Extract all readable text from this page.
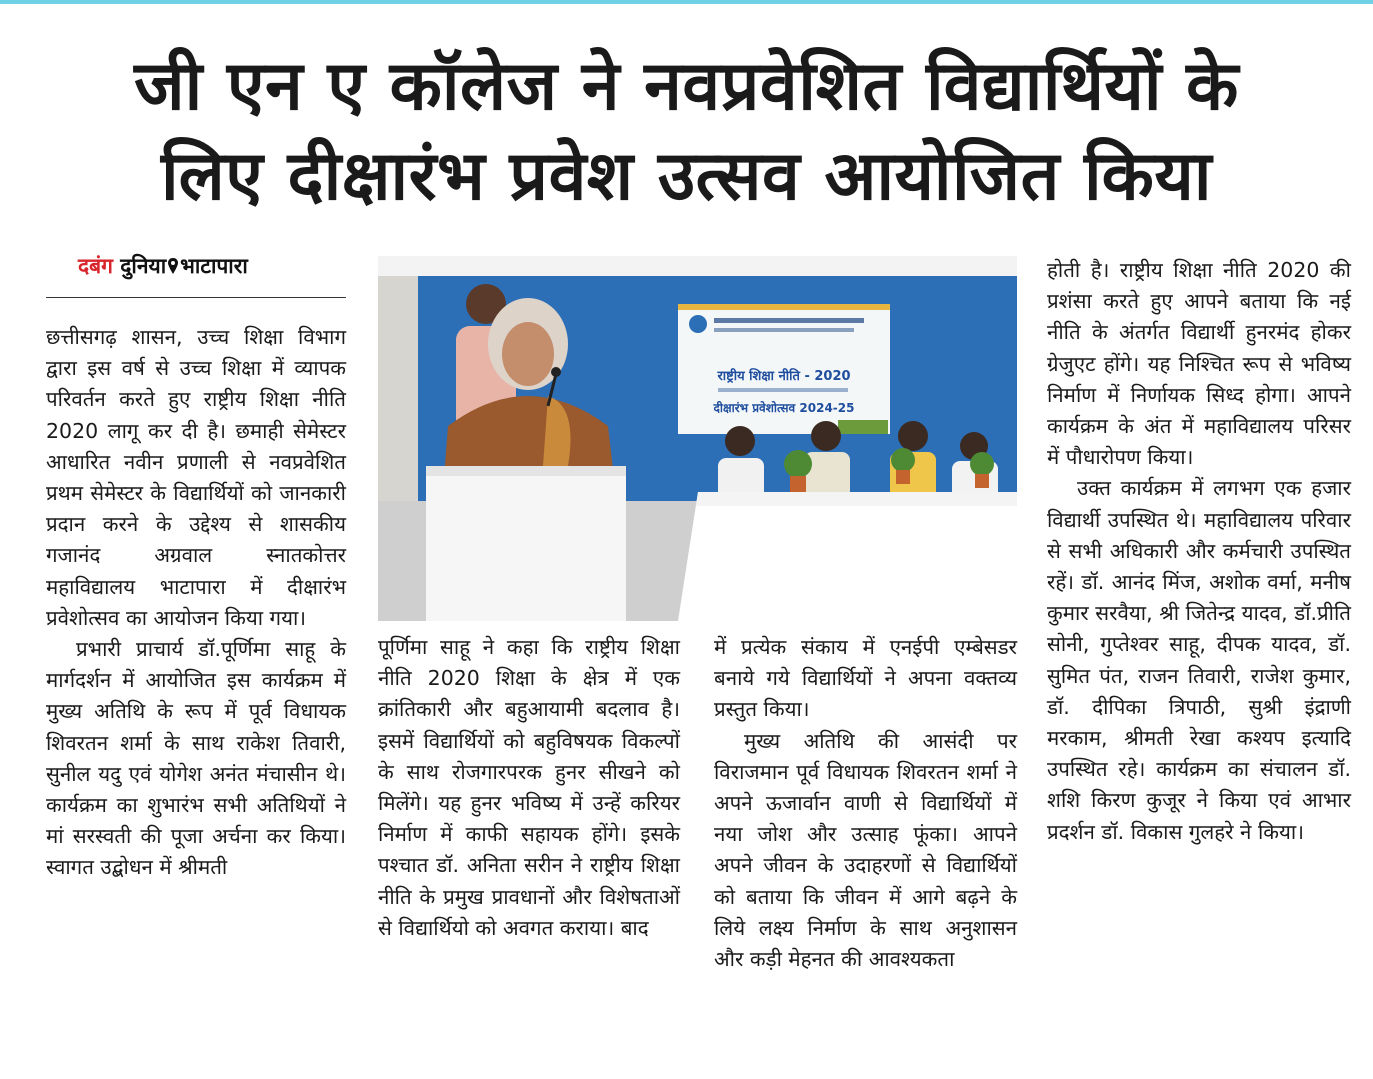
जी एन ए कॉलेज ने नवप्रवेशित विद्यार्थियों के
लिए दीक्षारंभ प्रवेश उत्सव आयोजित किया
दबंग दुनिया भाटापारा

छत्तीसगढ़ शासन, उच्च शिक्षा विभाग द्वारा इस वर्ष से उच्च शिक्षा में व्यापक परिवर्तन करते हुए राष्ट्रीय शिक्षा नीति 2020 लागू कर दी है। छमाही सेमेस्टर आधारित नवीन प्रणाली से नवप्रवेशित प्रथम सेमेस्टर के विद्यार्थियों को जानकारी प्रदान करने के उद्देश्य से शासकीय गजानंद अग्रवाल स्नातकोत्तर महाविद्यालय भाटापारा में दीक्षारंभ प्रवेशोत्सव का आयोजन किया गया।

प्रभारी प्राचार्य डॉ.पूर्णिमा साहू के मार्गदर्शन में आयोजित इस कार्यक्रम में मुख्य अतिथि के रूप में पूर्व विधायक शिवरतन शर्मा के साथ राकेश तिवारी, सुनील यदु एवं योगेश अनंत मंचासीन थे। कार्यक्रम का शुभारंभ सभी अतिथियों ने मां सरस्वती की पूजा अर्चना कर किया। स्वागत उद्बोधन में श्रीमती

राष्ट्रीय शिक्षा नीति - 2020
दीक्षारंभ प्रवेशोत्सव 2024-25

पूर्णिमा साहू ने कहा कि राष्ट्रीय शिक्षा नीति 2020 शिक्षा के क्षेत्र में एक क्रांतिकारी और बहुआयामी बदलाव है। इसमें विद्यार्थियों को बहुविषयक विकल्पों के साथ रोजगारपरक हुनर सीखने को मिलेंगे। यह हुनर भविष्य में उन्हें करियर निर्माण में काफी सहायक होंगे। इसके पश्चात डॉ. अनिता सरीन ने राष्ट्रीय शिक्षा नीति के प्रमुख प्रावधानों और विशेषताओं से विद्यार्थियो को अवगत कराया। बाद

में प्रत्येक संकाय में एनईपी एम्बेसडर बनाये गये विद्यार्थियों ने अपना वक्तव्य प्रस्तुत किया।

मुख्य अतिथि की आसंदी पर विराजमान पूर्व विधायक शिवरतन शर्मा ने अपने ऊजार्वान वाणी से विद्यार्थियों में नया जोश और उत्साह फूंका। आपने अपने जीवन के उदाहरणों से विद्यार्थियों को बताया कि जीवन में आगे बढ़ने के लिये लक्ष्य निर्माण के साथ अनुशासन और कड़ी मेहनत की आवश्यकता

होती है। राष्ट्रीय शिक्षा नीति 2020 की प्रशंसा करते हुए आपने बताया कि नई नीति के अंतर्गत विद्यार्थी हुनरमंद होकर ग्रेजुएट होंगे। यह निश्चित रूप से भविष्य निर्माण में निर्णायक सिध्द होगा। आपने कार्यक्रम के अंत में महाविद्यालय परिसर में पौधारोपण किया।

उक्त कार्यक्रम में लगभग एक हजार विद्यार्थी उपस्थित थे। महाविद्यालय परिवार से सभी अधिकारी और कर्मचारी उपस्थित रहें। डॉ. आनंद मिंज, अशोक वर्मा, मनीष कुमार सरवैया, श्री जितेन्द्र यादव, डॉ.प्रीति सोनी, गुप्तेश्वर साहू, दीपक यादव, डॉ. सुमित पंत, राजन तिवारी, राजेश कुमार, डॉ. दीपिका त्रिपाठी, सुश्री इंद्राणी मरकाम, श्रीमती रेखा कश्यप इत्यादि उपस्थित रहे। कार्यक्रम का संचालन डॉ. शशि किरण कुजूर ने किया एवं आभार प्रदर्शन डॉ. विकास गुलहरे ने किया।
